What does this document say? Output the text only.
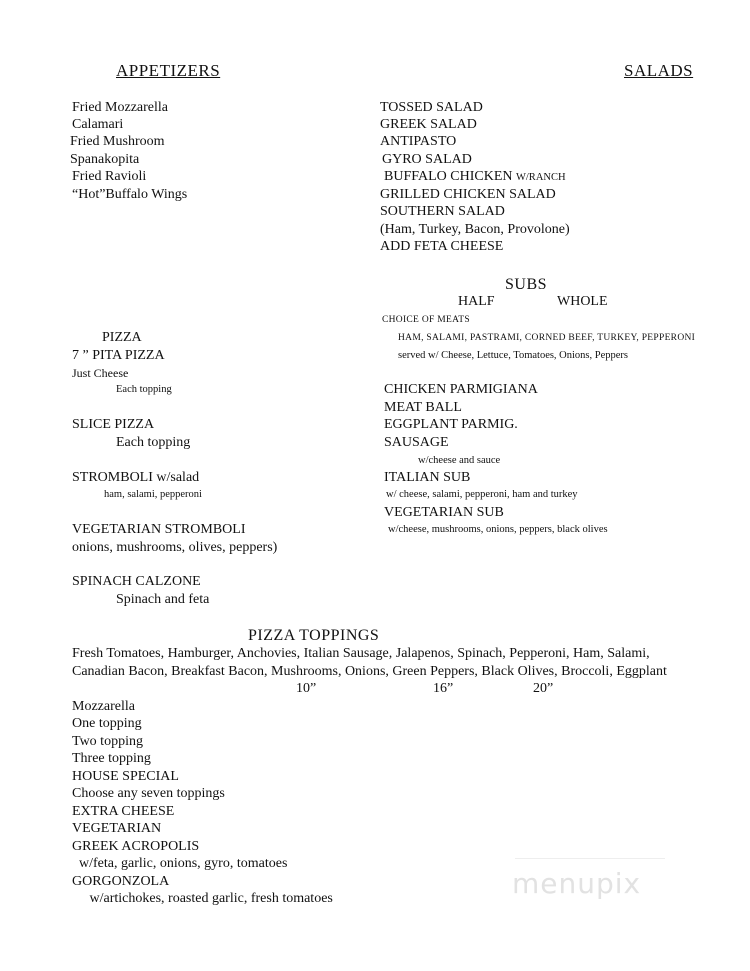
APPETIZERS
Fried Mozzarella
Calamari
Fried Mushroom
Spanakopita
Fried Ravioli
“Hot”Buffalo Wings
SALADS
TOSSED SALAD
GREEK SALAD
ANTIPASTO
GYRO SALAD
BUFFALO CHICKEN W/RANCH
GRILLED CHICKEN SALAD
SOUTHERN SALAD
(Ham, Turkey, Bacon, Provolone)
ADD FETA CHEESE
SUBS
HALF	WHOLE
CHOICE OF MEATS
HAM, SALAMI, PASTRAMI, CORNED BEEF, TURKEY, PEPPERONI
served w/ Cheese, Lettuce, Tomatoes, Onions, Peppers
CHICKEN PARMIGIANA
MEAT BALL
EGGPLANT PARMIG.
SAUSAGE
w/cheese and sauce
ITALIAN SUB
w/ cheese, salami, pepperoni, ham and turkey
VEGETARIAN SUB
w/cheese, mushrooms, onions, peppers, black olives
PIZZA
7 ” PITA PIZZA
Just Cheese
Each topping
SLICE PIZZA
Each topping
STROMBOLI w/salad
ham, salami, pepperoni
VEGETARIAN STROMBOLI
onions, mushrooms, olives, peppers)
SPINACH CALZONE
Spinach and feta
PIZZA TOPPINGS
Fresh Tomatoes, Hamburger, Anchovies, Italian Sausage, Jalapenos, Spinach, Pepperoni, Ham, Salami,
Canadian Bacon, Breakfast Bacon, Mushrooms, Onions, Green Peppers, Black Olives, Broccoli, Eggplant
10”	16”	20”
Mozzarella
One topping
Two topping
Three topping
HOUSE SPECIAL
Choose any seven toppings
EXTRA CHEESE
VEGETARIAN
GREEK ACROPOLIS
w/feta, garlic, onions, gyro, tomatoes
GORGONZOLA
w/artichokes, roasted garlic, fresh tomatoes	menupix
